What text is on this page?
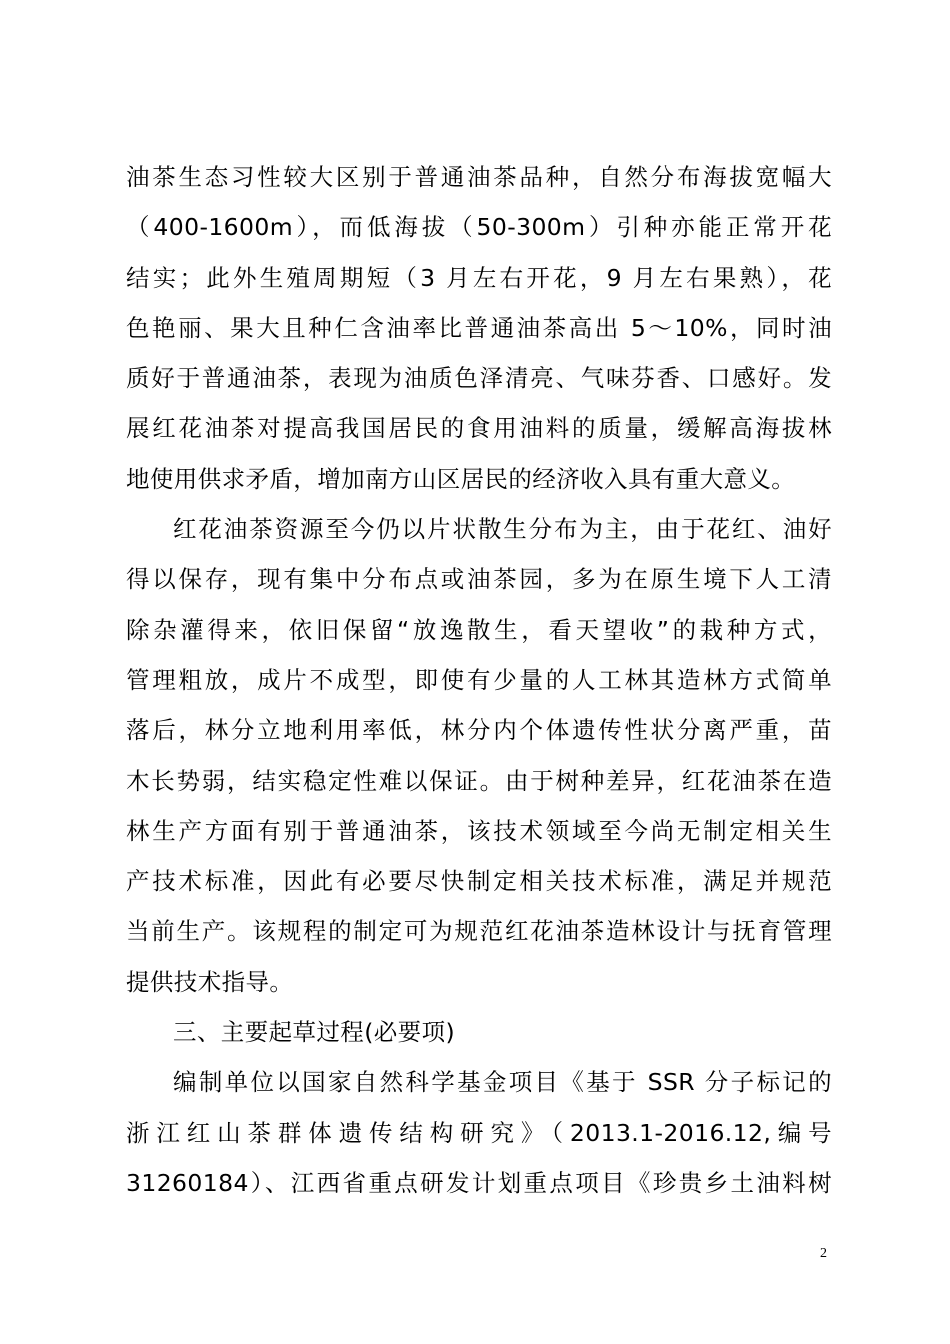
油茶生态习性较大区别于普通油茶品种，自然分布海拔宽幅大
（400-1600m），而低海拔（50-300m）引种亦能正常开花
结实；此外生殖周期短（3 月左右开花，9 月左右果熟），花
色艳丽、果大且种仁含油率比普通油茶高出 5～10%，同时油
质好于普通油茶，表现为油质色泽清亮、气味芬香、口感好。发
展红花油茶对提高我国居民的食用油料的质量，缓解高海拔林
地使用供求矛盾，增加南方山区居民的经济收入具有重大意义。

红花油茶资源至今仍以片状散生分布为主，由于花红、油好
得以保存，现有集中分布点或油茶园，多为在原生境下人工清
除杂灌得来，依旧保留“放逸散生，看天望收”的栽种方式，
管理粗放，成片不成型，即使有少量的人工林其造林方式简单
落后，林分立地利用率低，林分内个体遗传性状分离严重，苗
木长势弱，结实稳定性难以保证。由于树种差异，红花油茶在造
林生产方面有别于普通油茶，该技术领域至今尚无制定相关生
产技术标准，因此有必要尽快制定相关技术标准，满足并规范
当前生产。该规程的制定可为规范红花油茶造林设计与抚育管理
提供技术指导。

三、主要起草过程(必要项)

编制单位以国家自然科学基金项目《基于 SSR 分子标记的
浙江红山茶群体遗传结构研究》（2013.1-2016.12,编号
31260184）、江西省重点研发计划重点项目《珍贵乡土油料树

2
